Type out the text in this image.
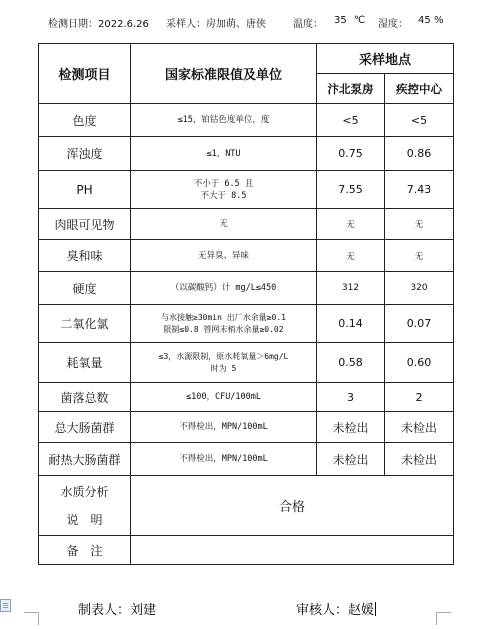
检测日期：2022.6.26 采样人：房加萌、唐侠	温度： 35 ℃ 湿度： 45 %
检测项目	国家标准限值及单位	采样地点	
		汴北泵房	疾控中心
色度	≤15，铂钴色度单位，度	<5	<5
浑浊度	≤1，NTU	0.75	0.86
PH	不小于 6.5 且
不大于 8.5	7.55	7.43
肉眼可见物	无	无	无
臭和味	无异臭、异味	无	无
硬度	（以碳酸钙）计 mg/L≤450	312	320
二氧化氯	与水接触≥30min 出厂水余量≥0.1
限制≤0.8 管网末梢水余量≥0.02	0.14	0.07
耗氧量	≤3，水源限制，原水耗氧量＞6mg/L
时为 5	0.58	0.60
菌落总数	≤100，CFU/100mL	3	2
总大肠菌群	不得检出，MPN/100mL	未检出	未检出
耐热大肠菌群	不得检出，MPN/100mL	未检出	未检出

水质分析
说　明	合格		
备　注			
制表人：刘建	审核人：赵媛
